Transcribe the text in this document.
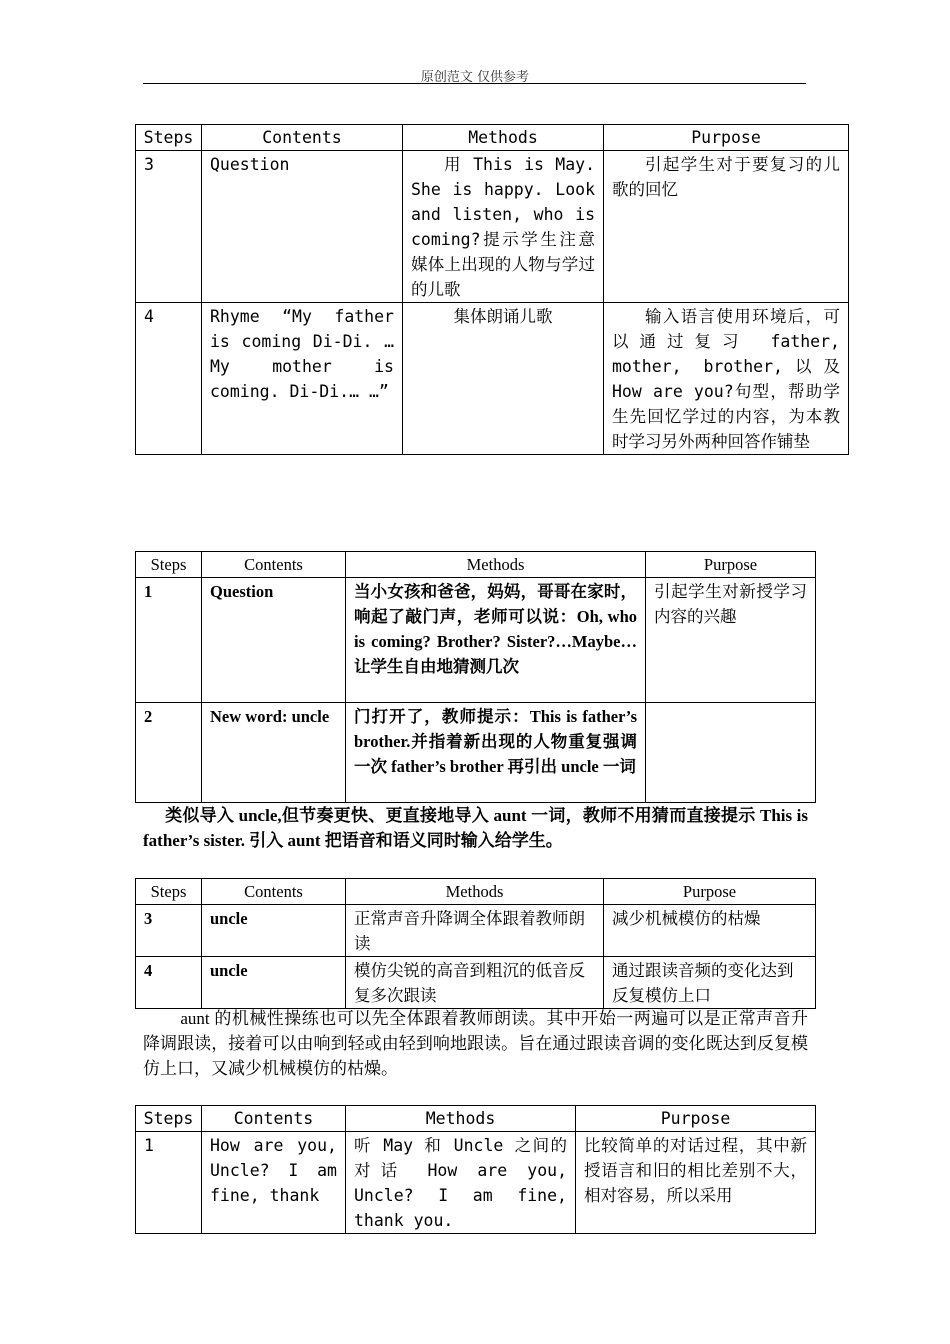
原创范文 仅供参考
Steps	Contents	Methods	Purpose
3	Question	用 This is May. She is happy. Look and listen, who is coming?提示学生注意媒体上出现的人物与学过的儿歌	引起学生对于要复习的儿歌的回忆
4	Rhyme “My father is coming Di-Di. … My mother is coming. Di-Di.… …”	集体朗诵儿歌	输入语言使用环境后，可以通过复习 father, mother, brother,以及 How are you?句型，帮助学生先回忆学过的内容，为本教时学习另外两种回答作铺垫
Steps	Contents	Methods	Purpose
1	Question	当小女孩和爸爸，妈妈，哥哥在家时，响起了敲门声，老师可以说：Oh, who is coming? Brother? Sister?…Maybe…让学生自由地猜测几次	引起学生对新授学习内容的兴趣
2	New word: uncle	门打开了，教师提示：This is father’s brother.并指着新出现的人物重复强调一次 father’s brother 再引出 uncle 一词	
类似导入 uncle,但节奏更快、更直接地导入 aunt 一词，教师不用猜而直接提示 This is father’s sister. 引入 aunt 把语音和语义同时输入给学生。
Steps	Contents	Methods	Purpose
3	uncle	正常声音升降调全体跟着教师朗读	减少机械模仿的枯燥
4	uncle	模仿尖锐的高音到粗沉的低音反复多次跟读	通过跟读音频的变化达到反复模仿上口
aunt 的机械性操练也可以先全体跟着教师朗读。其中开始一两遍可以是正常声音升降调跟读，接着可以由响到轻或由轻到响地跟读。旨在通过跟读音调的变化既达到反复模仿上口，又减少机械模仿的枯燥。
Steps	Contents	Methods	Purpose
1	How are you, Uncle? I am fine, thank	听 May 和 Uncle 之间的对话 How are you, Uncle? I am fine, thank you.	比较简单的对话过程，其中新授语言和旧的相比差别不大，相对容易，所以采用
